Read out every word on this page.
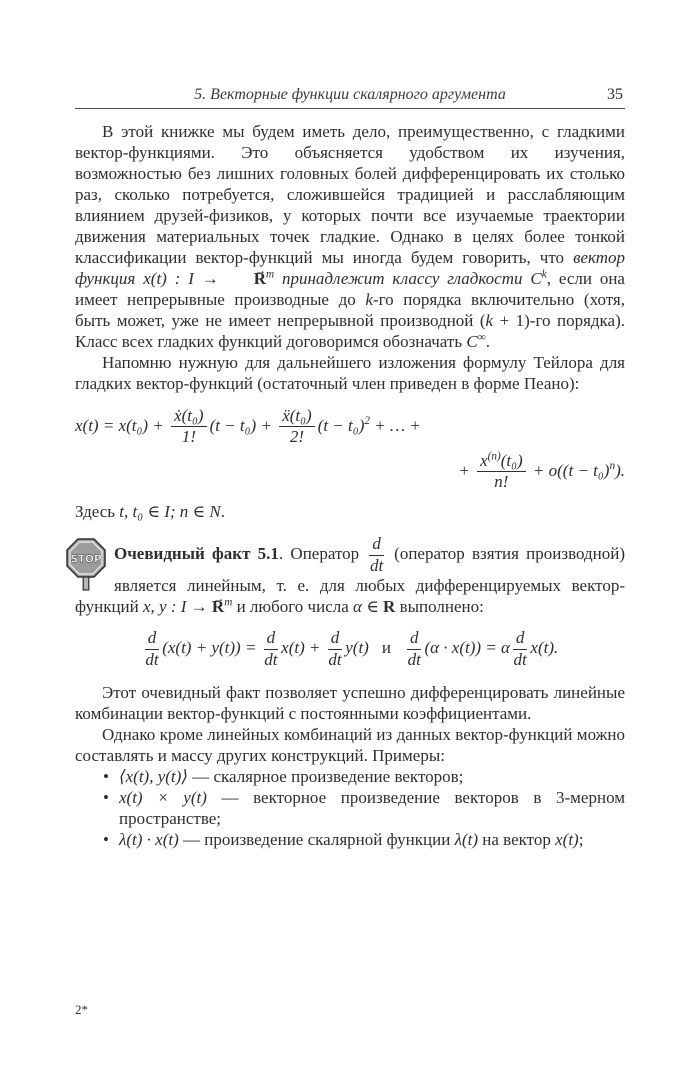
5. Векторные функции скалярного аргумента	35

В этой книжке мы будем иметь дело, преимущественно, с гладкими вектор-функциями. Это объясняется удобством их изучения, возможностью без лишних головных болей дифференцировать их столько раз, сколько потребуется, сложившейся традицией и расслабляющим влиянием друзей-физиков, у которых почти все изучаемые траектории движения материальных точек гладкие. Однако в целях более тонкой классификации вектор-функций мы иногда будем говорить, что вектор функция x(t) : I → R →$^m$ принадлежит классу гладкости $C^k$, если она имеет непрерывные производные до k-го порядка включительно (хотя, быть может, уже не имеет непрерывной производной (k + 1)-го порядка). Класс всех гладких функций договоримся обозначать C∞.

Напомню нужную для дальнейшего изложения формулу Тейлора для гладких вектор-функций (остаточный член приведен в форме Пеано):

$x(t) = x(t_0) + \frac{\text{ẋ(t₀)}}{1!} (t - t_0) + \frac{\text{ẍ(t₀)}}{2!} (t - t_0)^2$ + … +
+ $\frac{x^{(n)}(t_0)}{n!} + o((t - t_0)^n)$.

Здесь t, t₀ ∈ I; n ∈ N.

STOP Очевидный факт 5.1. Оператор $\frac{d}{dt}$ (оператор взятия производной) является линейным, т. е. для любых дифференцируемых вектор-функций x, y : I → R →$^m$ и любого числа α ∈ R выполнено:

$\frac{d}{dt} (x(t) + y(t)) = \frac{d}{dt} x(t) + \frac{d}{dt} y(t)$ и $\frac{d}{dt} (\alpha \cdot x(t)) = \alpha \frac{d}{dt} x(t)$.

Этот очевидный факт позволяет успешно дифференцировать линейные комбинации вектор-функций с постоянными коэффициентами.

Однако кроме линейных комбинаций из данных вектор-функций можно составлять и массу других конструкций. Примеры:

• ⟨x(t), y(t)⟩ — скалярное произведение векторов;
• x(t) × y(t) — векторное произведение векторов в 3-мерном пространстве;
• λ(t) · x(t) — произведение скалярной функции λ(t) на вектор x(t);
2*
